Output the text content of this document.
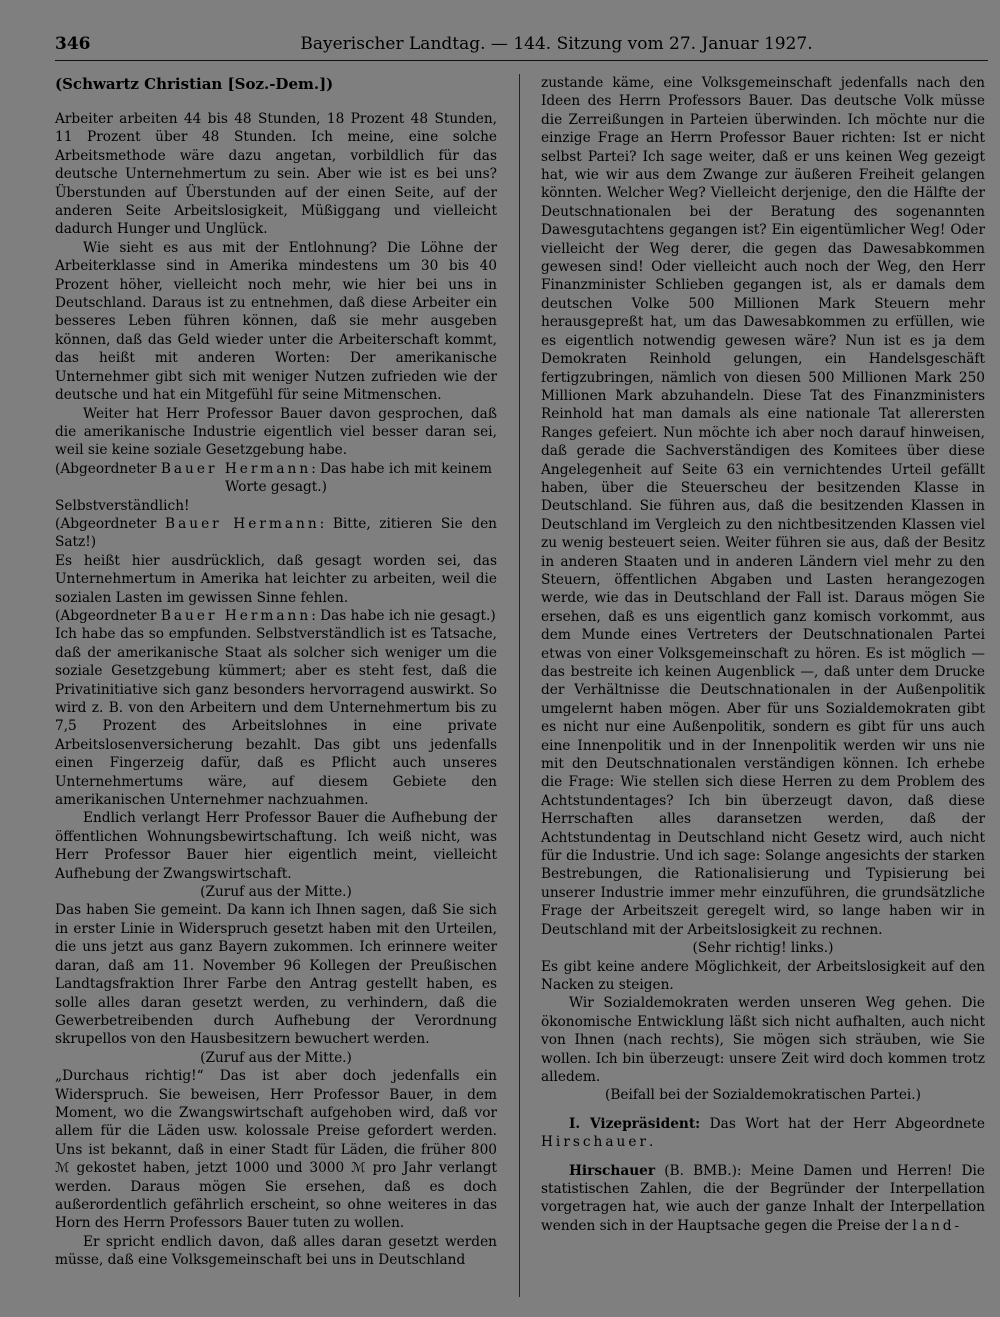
346	Bayerischer Landtag. — 144. Sitzung vom 27. Januar 1927.

(Schwartz Christian [Soz.-Dem.])

Arbeiter arbeiten 44 bis 48 Stunden, 18 Prozent 48 Stunden, 11 Prozent über 48 Stunden. Ich meine, eine solche Arbeitsmethode wäre dazu angetan, vorbildlich für das deutsche Unternehmertum zu sein. Aber wie ist es bei uns? Überstunden auf Überstunden auf der einen Seite, auf der anderen Seite Arbeitslosigkeit, Müßiggang und vielleicht dadurch Hunger und Unglück.

Wie sieht es aus mit der Entlohnung? Die Löhne der Arbeiterklasse sind in Amerika mindestens um 30 bis 40 Prozent höher, vielleicht noch mehr, wie hier bei uns in Deutschland. Daraus ist zu entnehmen, daß diese Arbeiter ein besseres Leben führen können, daß sie mehr ausgeben können, daß das Geld wieder unter die Arbeiterschaft kommt, das heißt mit anderen Worten: Der amerikanische Unternehmer gibt sich mit weniger Nutzen zufrieden wie der deutsche und hat ein Mitgefühl für seine Mitmenschen.

Weiter hat Herr Professor Bauer davon gesprochen, daß die amerikanische Industrie eigentlich viel besser daran sei, weil sie keine soziale Gesetzgebung habe.

(Abgeordneter Bauer Hermann: Das habe ich mit keinem

Worte gesagt.)

Selbstverständlich!

(Abgeordneter Bauer Hermann: Bitte, zitieren Sie den Satz!)

Es heißt hier ausdrücklich, daß gesagt worden sei, das Unternehmertum in Amerika hat leichter zu arbeiten, weil die sozialen Lasten im gewissen Sinne fehlen.

(Abgeordneter Bauer Hermann: Das habe ich nie gesagt.)

Ich habe das so empfunden. Selbstverständlich ist es Tatsache, daß der amerikanische Staat als solcher sich weniger um die soziale Gesetzgebung kümmert; aber es steht fest, daß die Privatinitiative sich ganz besonders hervorragend auswirkt. So wird z. B. von den Arbeitern und dem Unternehmertum bis zu 7,5 Prozent des Arbeitslohnes in eine private Arbeitslosenversicherung bezahlt. Das gibt uns jedenfalls einen Fingerzeig dafür, daß es Pflicht auch unseres Unternehmertums wäre, auf diesem Gebiete den amerikanischen Unternehmer nachzuahmen.

Endlich verlangt Herr Professor Bauer die Aufhebung der öffentlichen Wohnungsbewirtschaftung. Ich weiß nicht, was Herr Professor Bauer hier eigentlich meint, vielleicht Aufhebung der Zwangswirtschaft.

(Zuruf aus der Mitte.)

Das haben Sie gemeint. Da kann ich Ihnen sagen, daß Sie sich in erster Linie in Widerspruch gesetzt haben mit den Urteilen, die uns jetzt aus ganz Bayern zukommen. Ich erinnere weiter daran, daß am 11. November 96 Kollegen der Preußischen Landtagsfraktion Ihrer Farbe den Antrag gestellt haben, es solle alles daran gesetzt werden, zu verhindern, daß die Gewerbetreibenden durch Aufhebung der Verordnung skrupellos von den Hausbesitzern bewuchert werden.

(Zuruf aus der Mitte.)

„Durchaus richtig!“ Das ist aber doch jedenfalls ein Widerspruch. Sie beweisen, Herr Professor Bauer, in dem Moment, wo die Zwangswirtschaft aufgehoben wird, daß vor allem für die Läden usw. kolossale Preise gefordert werden. Uns ist bekannt, daß in einer Stadt für Läden, die früher 800 ℳ gekostet haben, jetzt 1000 und 3000 ℳ pro Jahr verlangt werden. Daraus mögen Sie ersehen, daß es doch außerordentlich gefährlich erscheint, so ohne weiteres in das Horn des Herrn Professors Bauer tuten zu wollen.

Er spricht endlich davon, daß alles daran gesetzt werden müsse, daß eine Volksgemeinschaft bei uns in Deutschland

zustande käme, eine Volksgemeinschaft jedenfalls nach den Ideen des Herrn Professors Bauer. Das deutsche Volk müsse die Zerreißungen in Parteien überwinden. Ich möchte nur die einzige Frage an Herrn Professor Bauer richten: Ist er nicht selbst Partei? Ich sage weiter, daß er uns keinen Weg gezeigt hat, wie wir aus dem Zwange zur äußeren Freiheit gelangen könnten. Welcher Weg? Vielleicht derjenige, den die Hälfte der Deutschnationalen bei der Beratung des sogenannten Dawesgutachtens gegangen ist? Ein eigentümlicher Weg! Oder vielleicht der Weg derer, die gegen das Dawesabkommen gewesen sind! Oder vielleicht auch noch der Weg, den Herr Finanzminister Schlieben gegangen ist, als er damals dem deutschen Volke 500 Millionen Mark Steuern mehr herausgepreßt hat, um das Dawesabkommen zu erfüllen, wie es eigentlich notwendig gewesen wäre? Nun ist es ja dem Demokraten Reinhold gelungen, ein Handelsgeschäft fertigzubringen, nämlich von diesen 500 Millionen Mark 250 Millionen Mark abzuhandeln. Diese Tat des Finanzministers Reinhold hat man damals als eine nationale Tat allerersten Ranges gefeiert. Nun möchte ich aber noch darauf hinweisen, daß gerade die Sachverständigen des Komitees über diese Angelegenheit auf Seite 63 ein vernichtendes Urteil gefällt haben, über die Steuerscheu der besitzenden Klasse in Deutschland. Sie führen aus, daß die besitzenden Klassen in Deutschland im Vergleich zu den nichtbesitzenden Klassen viel zu wenig besteuert seien. Weiter führen sie aus, daß der Besitz in anderen Staaten und in anderen Ländern viel mehr zu den Steuern, öffentlichen Abgaben und Lasten herangezogen werde, wie das in Deutschland der Fall ist. Daraus mögen Sie ersehen, daß es uns eigentlich ganz komisch vorkommt, aus dem Munde eines Vertreters der Deutschnationalen Partei etwas von einer Volksgemeinschaft zu hören. Es ist möglich — das bestreite ich keinen Augenblick —, daß unter dem Drucke der Verhältnisse die Deutschnationalen in der Außenpolitik umgelernt haben mögen. Aber für uns Sozialdemokraten gibt es nicht nur eine Außenpolitik, sondern es gibt für uns auch eine Innenpolitik und in der Innenpolitik werden wir uns nie mit den Deutschnationalen verständigen können. Ich erhebe die Frage: Wie stellen sich diese Herren zu dem Problem des Achtstundentages? Ich bin überzeugt davon, daß diese Herrschaften alles daransetzen werden, daß der Achtstundentag in Deutschland nicht Gesetz wird, auch nicht für die Industrie. Und ich sage: Solange angesichts der starken Bestrebungen, die Rationalisierung und Typisierung bei unserer Industrie immer mehr einzuführen, die grundsätzliche Frage der Arbeitszeit geregelt wird, so lange haben wir in Deutschland mit der Arbeitslosigkeit zu rechnen.

(Sehr richtig! links.)

Es gibt keine andere Möglichkeit, der Arbeitslosigkeit auf den Nacken zu steigen.

Wir Sozialdemokraten werden unseren Weg gehen. Die ökonomische Entwicklung läßt sich nicht aufhalten, auch nicht von Ihnen (nach rechts), Sie mögen sich sträuben, wie Sie wollen. Ich bin überzeugt: unsere Zeit wird doch kommen trotz alledem.

(Beifall bei der Sozialdemokratischen Partei.)

I. Vizepräsident: Das Wort hat der Herr Abgeordnete Hirschauer.

Hirschauer (B. BMB.): Meine Damen und Herren! Die statistischen Zahlen, die der Begründer der Interpellation vorgetragen hat, wie auch der ganze Inhalt der Interpellation wenden sich in der Hauptsache gegen die Preise der land-
